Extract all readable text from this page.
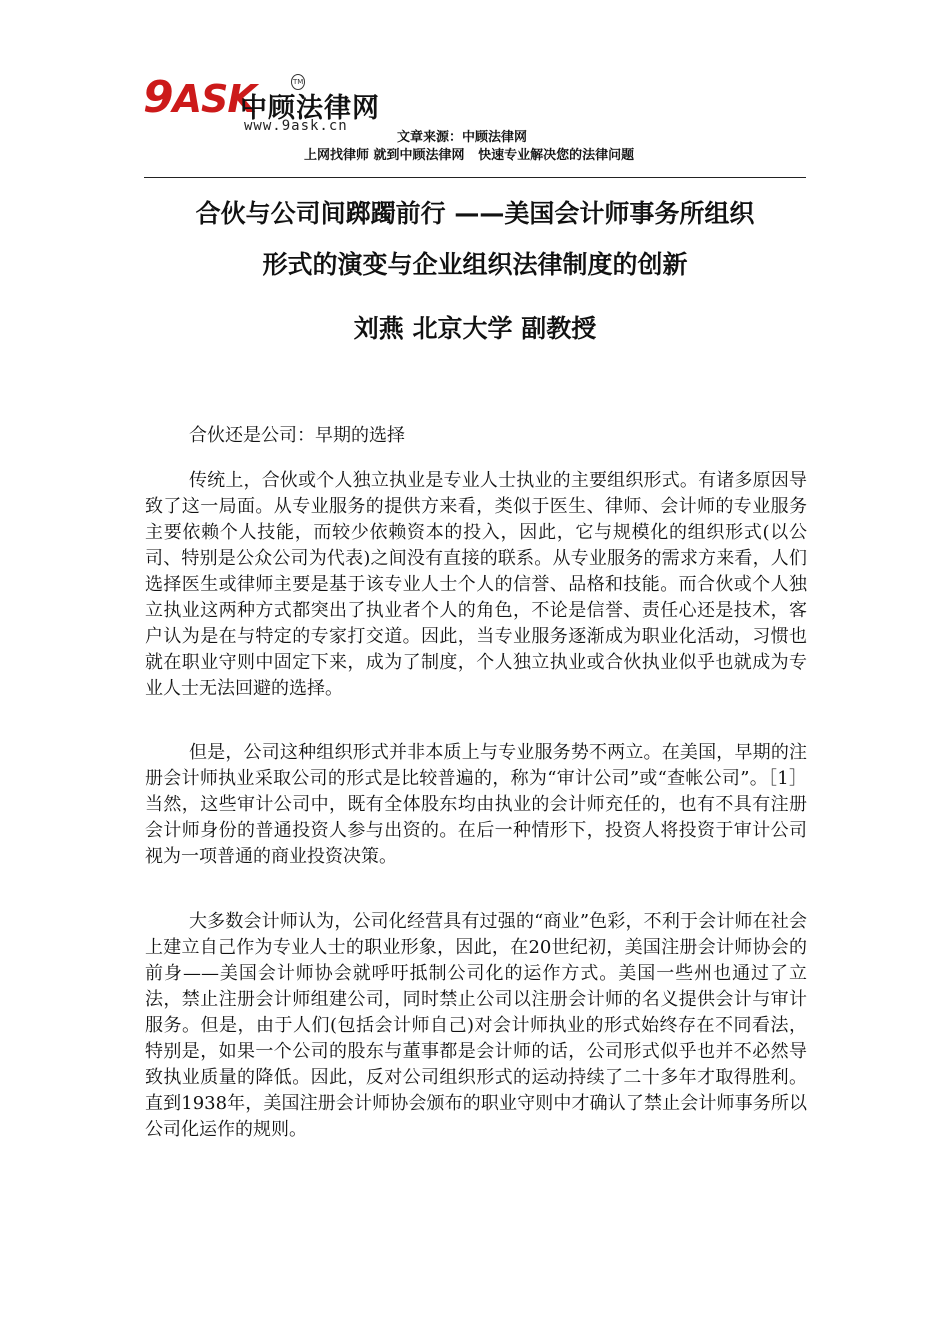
9ASK
中顾法律网
TM
www.9ask.cn
文章来源：中顾法律网
上网找律师 就到中顾法律网   快速专业解决您的法律问题
合伙与公司间踯躅前行 ——美国会计师事务所组织
形式的演变与企业组织法律制度的创新
刘燕 北京大学 副教授

合伙还是公司：早期的选择

传统上，合伙或个人独立执业是专业人士执业的主要组织形式。有诸多原因导致了这一局面。从专业服务的提供方来看，类似于医生、律师、会计师的专业服务主要依赖个人技能，而较少依赖资本的投入，因此，它与规模化的组织形式(以公司、特别是公众公司为代表)之间没有直接的联系。从专业服务的需求方来看，人们选择医生或律师主要是基于该专业人士个人的信誉、品格和技能。而合伙或个人独立执业这两种方式都突出了执业者个人的角色，不论是信誉、责任心还是技术，客户认为是在与特定的专家打交道。因此，当专业服务逐渐成为职业化活动，习惯也就在职业守则中固定下来，成为了制度，个人独立执业或合伙执业似乎也就成为专业人士无法回避的选择。

但是，公司这种组织形式并非本质上与专业服务势不两立。在美国，早期的注册会计师执业采取公司的形式是比较普遍的，称为“审计公司”或“查帐公司”。［1］当然，这些审计公司中，既有全体股东均由执业的会计师充任的，也有不具有注册会计师身份的普通投资人参与出资的。在后一种情形下，投资人将投资于审计公司视为一项普通的商业投资决策。

大多数会计师认为，公司化经营具有过强的“商业”色彩，不利于会计师在社会上建立自己作为专业人士的职业形象，因此，在20世纪初，美国注册会计师协会的前身——美国会计师协会就呼吁抵制公司化的运作方式。美国一些州也通过了立法，禁止注册会计师组建公司，同时禁止公司以注册会计师的名义提供会计与审计服务。但是，由于人们(包括会计师自己)对会计师执业的形式始终存在不同看法，特别是，如果一个公司的股东与董事都是会计师的话，公司形式似乎也并不必然导致执业质量的降低。因此，反对公司组织形式的运动持续了二十多年才取得胜利。直到1938年，美国注册会计师协会颁布的职业守则中才确认了禁止会计师事务所以公司化运作的规则。
